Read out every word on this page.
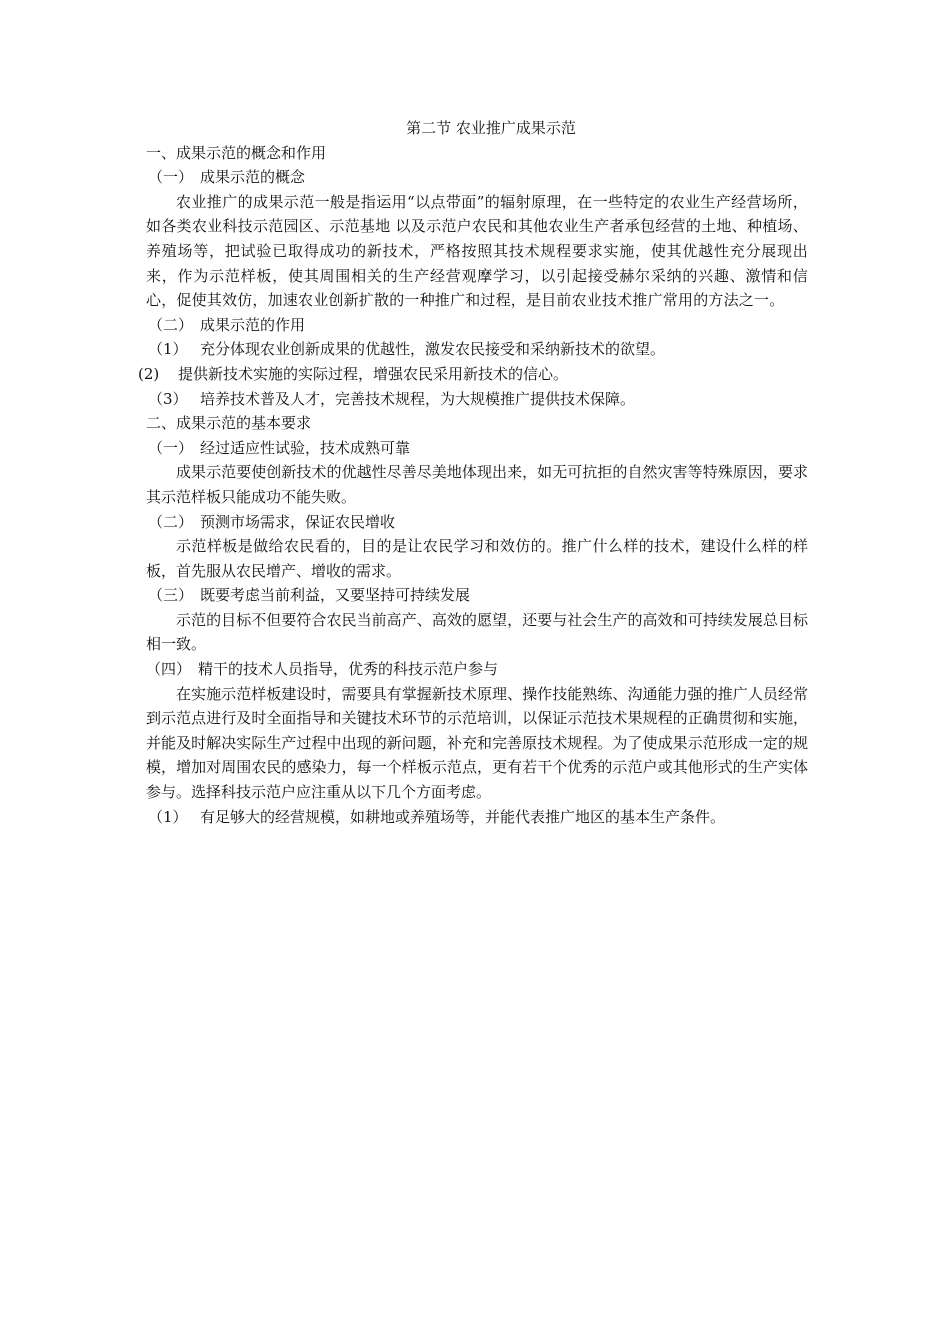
第二节 农业推广成果示范

一、成果示范的概念和作用

（一） 成果示范的概念

农业推广的成果示范一般是指运用“以点带面”的辐射原理，在一些特定的农业生产经营场所，如各类农业科技示范园区、示范基地 以及示范户农民和其他农业生产者承包经营的土地、种植场、养殖场等，把试验已取得成功的新技术，严格按照其技术规程要求实施，使其优越性充分展现出来，作为示范样板，使其周围相关的生产经营观摩学习，以引起接受赫尔采纳的兴趣、激情和信心，促使其效仿，加速农业创新扩散的一种推广和过程，是目前农业技术推广常用的方法之一。

（二） 成果示范的作用

（1） 充分体现农业创新成果的优越性，激发农民接受和采纳新技术的欲望。

(2) 提供新技术实施的实际过程，增强农民采用新技术的信心。

（3） 培养技术普及人才，完善技术规程，为大规模推广提供技术保障。

二、成果示范的基本要求

（一） 经过适应性试验，技术成熟可靠

成果示范要使创新技术的优越性尽善尽美地体现出来，如无可抗拒的自然灾害等特殊原因，要求其示范样板只能成功不能失败。

（二） 预测市场需求，保证农民增收

示范样板是做给农民看的，目的是让农民学习和效仿的。推广什么样的技术，建设什么样的样板，首先服从农民增产、增收的需求。

（三） 既要考虑当前利益，又要坚持可持续发展

示范的目标不但要符合农民当前高产、高效的愿望，还要与社会生产的高效和可持续发展总目标相一致。

（四） 精干的技术人员指导，优秀的科技示范户参与

在实施示范样板建设时，需要具有掌握新技术原理、操作技能熟练、沟通能力强的推广人员经常到示范点进行及时全面指导和关键技术环节的示范培训，以保证示范技术果规程的正确贯彻和实施，并能及时解决实际生产过程中出现的新问题，补充和完善原技术规程。为了使成果示范形成一定的规模，增加对周围农民的感染力，每一个样板示范点，更有若干个优秀的示范户或其他形式的生产实体参与。选择科技示范户应注重从以下几个方面考虑。

（1） 有足够大的经营规模，如耕地或养殖场等，并能代表推广地区的基本生产条件。
